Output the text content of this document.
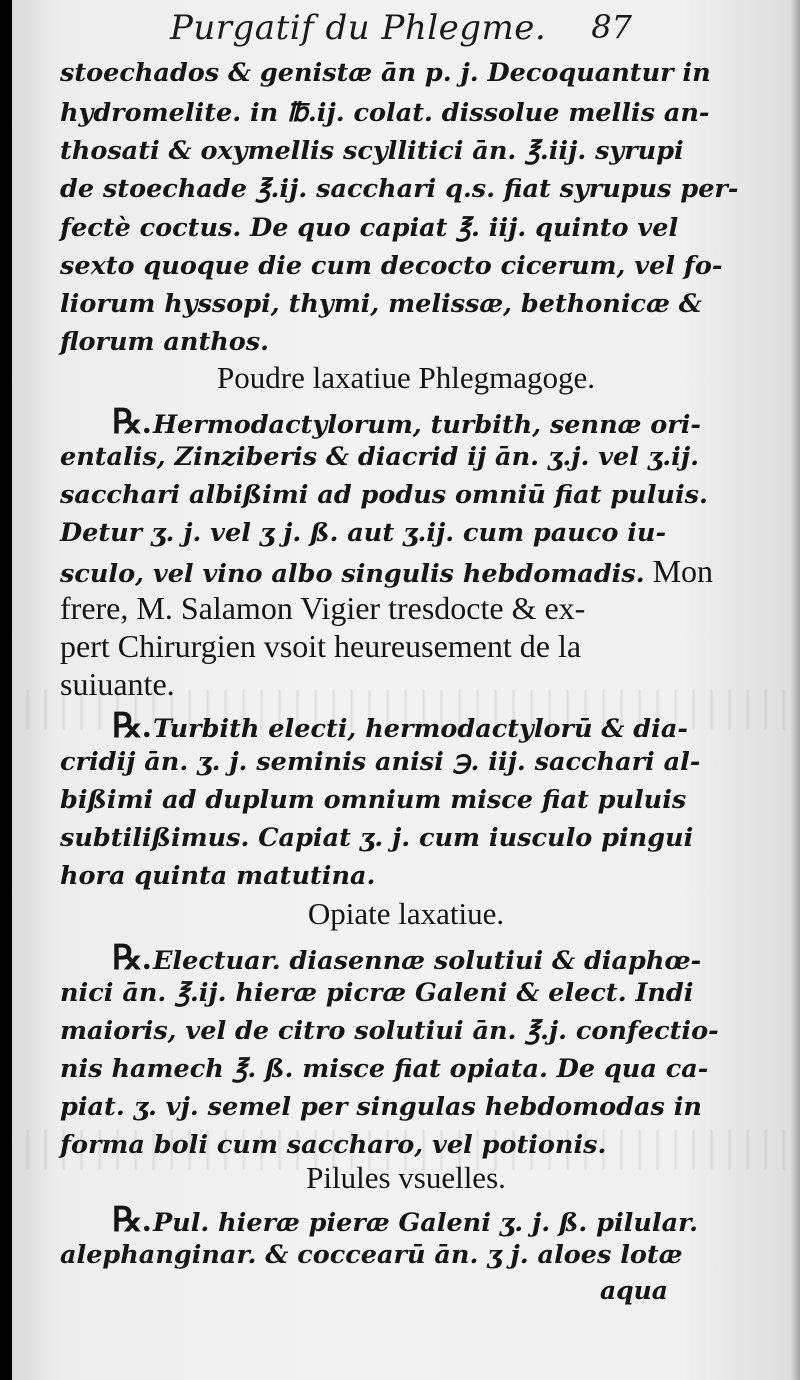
Purgatif du Phlegme. 87
stoechados & genistæ ān p. j. Decoquantur in
hydromelite. in ℔.ij. colat. dissolue mellis an-
thosati & oxymellis scyllitici ān. ℥.iij. syrupi
de stoechade ℥.ij. sacchari q.s. fiat syrupus per-
fectè coctus. De quo capiat ℥. iij. quinto vel
sexto quoque die cum decocto cicerum, vel fo-
liorum hyssopi, thymi, melissæ, bethonicæ &
florum anthos.
Poudre laxatiue Phlegmagoge.
℞.Hermodactylorum, turbith, sennæ ori-
entalis, Zinziberis & diacrid ij ān. ʒ.j. vel ʒ.ij.
sacchari albißimi ad podus omniū fiat puluis.
Detur ʒ. j. vel ʒ j. ß. aut ʒ.ij. cum pauco iu-
sculo, vel vino albo singulis hebdomadis. Mon
frere, M. Salamon Vigier tresdocte & ex-
pert Chirurgien vsoit heureusement de la
suiuante.
℞.Turbith electi, hermodactylorū & dia-
cridij ān. ʒ. j. seminis anisi ℈. iij. sacchari al-
bißimi ad duplum omnium misce fiat puluis
subtilißimus. Capiat ʒ. j. cum iusculo pingui
hora quinta matutina.
Opiate laxatiue.
℞.Electuar. diasennæ solutiui & diaphœ-
nici ān. ℥.ij. hieræ picræ Galeni & elect. Indi
maioris, vel de citro solutiui ān. ℥.j. confectio-
nis hamech ℥. ß. misce fiat opiata. De qua ca-
piat. ʒ. vj. semel per singulas hebdomodas in
forma boli cum saccharo, vel potionis.
Pilules vsuelles.
℞.Pul. hieræ pieræ Galeni ʒ. j. ß. pilular.
alephanginar. & coccearū ān. ʒ j. aloes lotæ
aqua
